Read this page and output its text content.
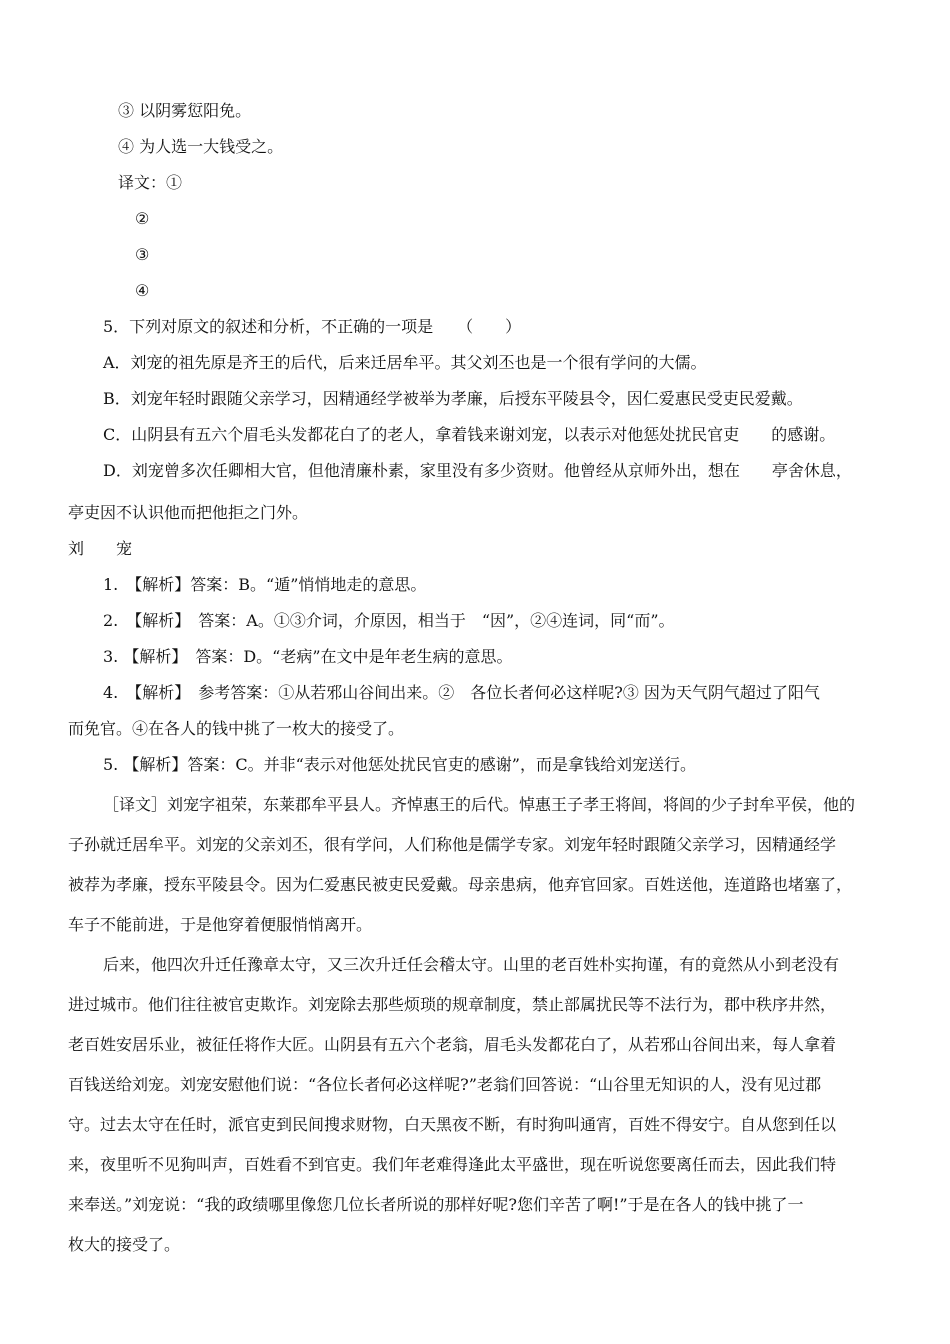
③ 以阴雾愆阳免。
④ 为人选一大钱受之。
译文：①
②
③
④
5．下列对原文的叙述和分析，不正确的一项是　　（　　）
A．刘宠的祖先原是齐王的后代，后来迁居牟平。其父刘丕也是一个很有学问的大儒。
B．刘宠年轻时跟随父亲学习，因精通经学被举为孝廉，后授东平陵县令，因仁爱惠民受吏民爱戴。
C．山阴县有五六个眉毛头发都花白了的老人，拿着钱来谢刘宠，以表示对他惩处扰民官吏　　的感谢。
D．刘宠曾多次任卿相大官，但他清廉朴素，家里没有多少资财。他曾经从京师外出，想在　　亭舍休息，
亭吏因不认识他而把他拒之门外。
刘　　宠
1.　【解析】答案：B。“遁”悄悄地走的意思。
2.　【解析】　答案：A。①③介词，介原因，相当于　“因”，②④连词，同“而”。
3. 【解析】　答案：D。“老病”在文中是年老生病的意思。
4.　【解析】　参考答案：①从若邪山谷间出来。②　各位长者何必这样呢?③ 因为天气阴气超过了阳气
而免官。④在各人的钱中挑了一枚大的接受了。
5. 【解析】答案：C。并非“表示对他惩处扰民官吏的感谢”，而是拿钱给刘宠送行。
［译文］刘宠字祖荣，东莱郡牟平县人。齐悼惠王的后代。悼惠王子孝王将闾，将闾的少子封牟平侯，他的
子孙就迁居牟平。刘宠的父亲刘丕，很有学问，人们称他是儒学专家。刘宠年轻时跟随父亲学习，因精通经学
被荐为孝廉，授东平陵县令。因为仁爱惠民被吏民爱戴。母亲患病，他弃官回家。百姓送他，连道路也堵塞了，
车子不能前进，于是他穿着便服悄悄离开。
后来，他四次升迁任豫章太守，又三次升迁任会稽太守。山里的老百姓朴实拘谨，有的竟然从小到老没有
进过城市。他们往往被官吏欺诈。刘宠除去那些烦琐的规章制度，禁止部属扰民等不法行为，郡中秩序井然，
老百姓安居乐业，被征任将作大匠。山阴县有五六个老翁，眉毛头发都花白了，从若邪山谷间出来，每人拿着
百钱送给刘宠。刘宠安慰他们说：“各位长者何必这样呢?”老翁们回答说：“山谷里无知识的人，没有见过郡
守。过去太守在任时，派官吏到民间搜求财物，白天黑夜不断，有时狗叫通宵，百姓不得安宁。自从您到任以
来，夜里听不见狗叫声，百姓看不到官吏。我们年老难得逢此太平盛世，现在听说您要离任而去，因此我们特
来奉送。”刘宠说：“我的政绩哪里像您几位长者所说的那样好呢?您们辛苦了啊!”于是在各人的钱中挑了一
枚大的接受了。
